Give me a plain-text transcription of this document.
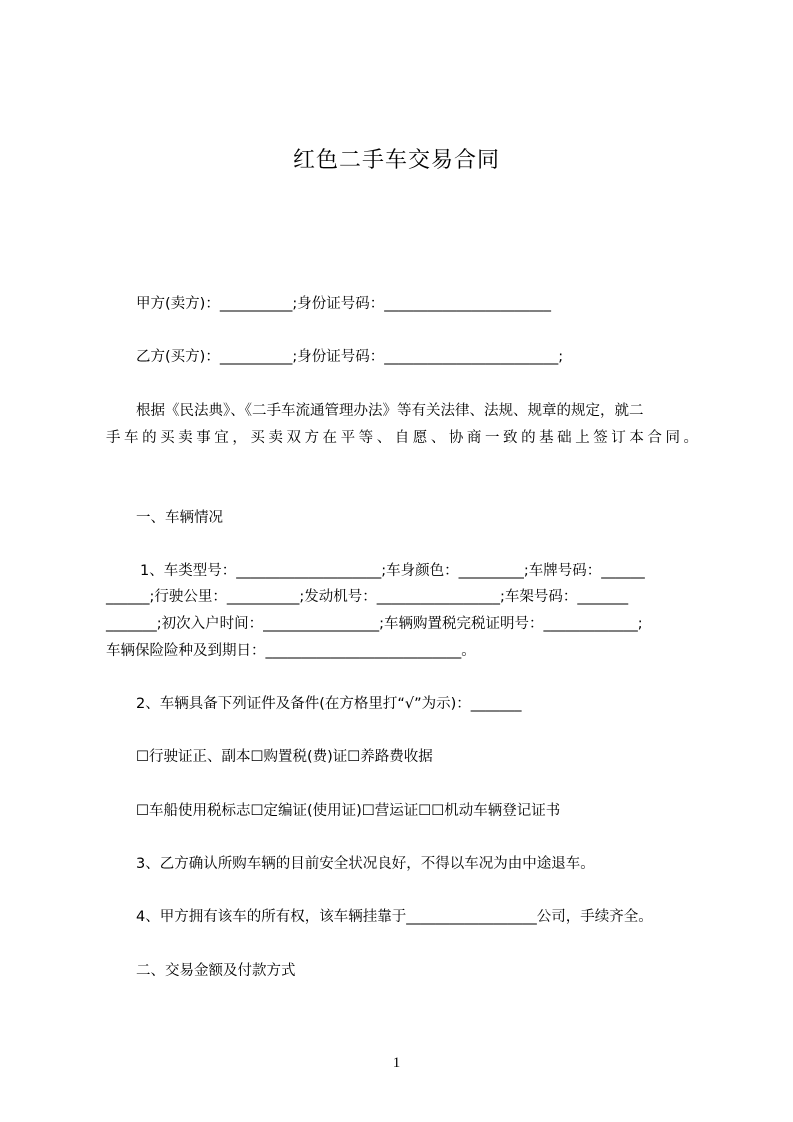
红色二手车交易合同
甲方(卖方)：__________;身份证号码：_______________________
乙方(买方)：__________;身份证号码：________________________;
根据《民法典》、《二手车流通管理办法》等有关法律、法规、规章的规定，就二
手车的买卖事宜，买卖双方在平等、自愿、协商一致的基础上签订本合同。
一、车辆情况
1、车类型号：____________________;车身颜色：_________;车牌号码：______
______;行驶公里：__________;发动机号：_________________;车架号码：_______
_______;初次入户时间：________________;车辆购置税完税证明号：_____________;
车辆保险险种及到期日：___________________________。
2、车辆具备下列证件及备件(在方格里打“√”为示)：_______
☐行驶证正、副本☐购置税(费)证☐养路费收据
☐车船使用税标志☐定编证(使用证)☐营运证☐☐机动车辆登记证书
3、乙方确认所购车辆的目前安全状况良好，不得以车况为由中途退车。
4、甲方拥有该车的所有权，该车辆挂靠于__________________公司，手续齐全。
二、交易金额及付款方式
1
